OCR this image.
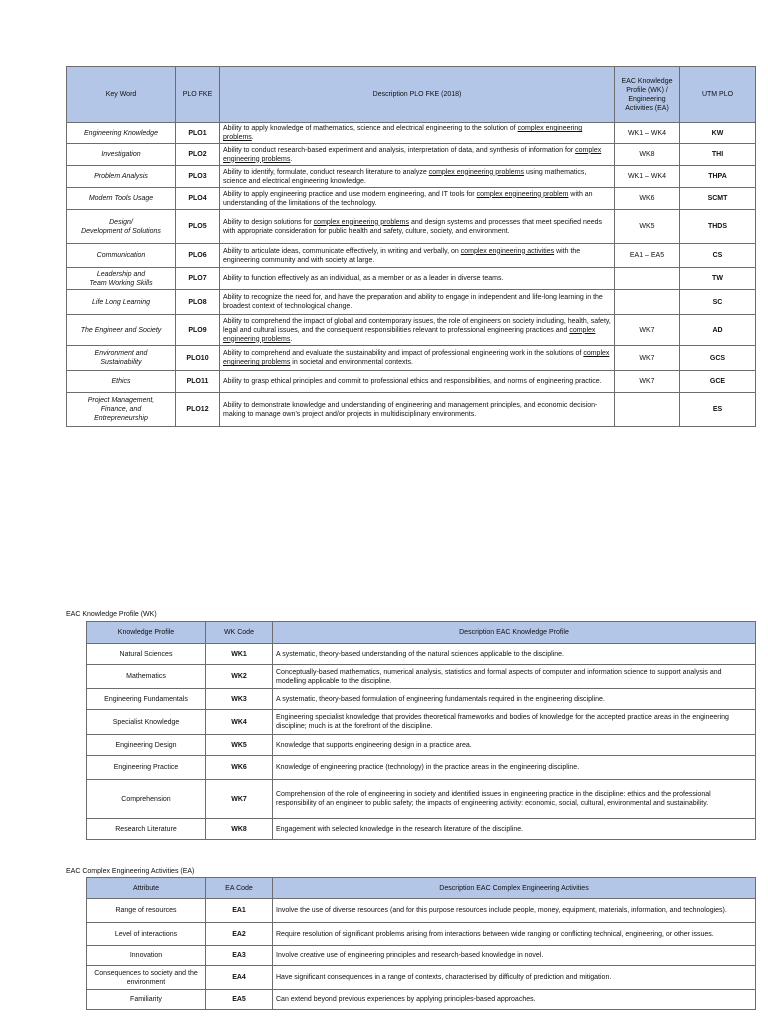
Key Word	PLO FKE	Description PLO FKE (2018)	EAC Knowledge Profile (WK) / Engineering Activities (EA)	UTM PLO
Engineering Knowledge	PLO1	Ability to apply knowledge of mathematics, science and electrical engineering to the solution of complex engineering problems.	WK1 – WK4	KW
Investigation	PLO2	Ability to conduct research-based experiment and analysis, interpretation of data, and synthesis of information for complex engineering problems.	WK8	THI
Problem Analysis	PLO3	Ability to identify, formulate, conduct research literature to analyze complex engineering problems using mathematics, science and electrical engineering knowledge.	WK1 – WK4	THPA
Modern Tools Usage	PLO4	Ability to apply engineering practice and use modern engineering, and IT tools for complex engineering problem with an understanding of the limitations of the technology.	WK6	SCMT
Design/
Development of Solutions	PLO5	Ability to design solutions for complex engineering problems and design systems and processes that meet specified needs with appropriate consideration for public health and safety, culture, society, and environment.	WK5	THDS
Communication	PLO6	Ability to articulate ideas, communicate effectively, in writing and verbally, on complex engineering activities with the engineering community and with society at large.	EA1 – EA5	CS
Leadership and
Team Working Skills	PLO7	Ability to function effectively as an individual, as a member or as a leader in diverse teams.		TW
Life Long Learning	PLO8	Ability to recognize the need for, and have the preparation and ability to engage in independent and life-long learning in the broadest context of technological change.		SC
The Engineer and Society	PLO9	Ability to comprehend the impact of global and contemporary issues, the role of engineers on society including, health, safety, legal and cultural issues, and the consequent responsibilities relevant to professional engineering practices and complex engineering problems.	WK7	AD
Environment and
Sustainability	PLO10	Ability to comprehend and evaluate the sustainability and impact of professional engineering work in the solutions of complex engineering problems in societal and environmental contexts.	WK7	GCS
Ethics	PLO11	Ability to grasp ethical principles and commit to professional ethics and responsibilities, and norms of engineering practice.	WK7	GCE
Project Management,
Finance, and
Entrepreneurship	PLO12	Ability to demonstrate knowledge and understanding of engineering and management principles, and economic decision-making to manage own’s project and/or projects in multidisciplinary environments.		ES
EAC Knowledge Profile (WK)
Knowledge Profile	WK Code	Description EAC Knowledge Profile
Natural Sciences	WK1	A systematic, theory-based understanding of the natural sciences applicable to the discipline.
Mathematics	WK2	Conceptually-based mathematics, numerical analysis, statistics and formal aspects of computer and information science to support analysis and modelling applicable to the discipline.
Engineering Fundamentals	WK3	A systematic, theory-based formulation of engineering fundamentals required in the engineering discipline.
Specialist Knowledge	WK4	Engineering specialist knowledge that provides theoretical frameworks and bodies of knowledge for the accepted practice areas in the engineering discipline; much is at the forefront of the discipline.
Engineering Design	WK5	Knowledge that supports engineering design in a practice area.
Engineering Practice	WK6	Knowledge of engineering practice (technology) in the practice areas in the engineering discipline.
Comprehension	WK7	Comprehension of the role of engineering in society and identified issues in engineering practice in the discipline: ethics and the professional responsibility of an engineer to public safety; the impacts of engineering activity: economic, social, cultural, environmental and sustainability.
Research Literature	WK8	Engagement with selected knowledge in the research literature of the discipline.
EAC Complex Engineering Activities (EA)
Attribute	EA Code	Description EAC Complex Engineering Activities
Range of resources	EA1	Involve the use of diverse resources (and for this purpose resources include people, money, equipment, materials, information, and technologies).
Level of interactions	EA2	Require resolution of significant problems arising from interactions between wide ranging or conflicting technical, engineering, or other issues.
Innovation	EA3	Involve creative use of engineering principles and research-based knowledge in novel.
Consequences to society and the environment	EA4	Have significant consequences in a range of contexts, characterised by difficulty of prediction and mitigation.
Familiarity	EA5	Can extend beyond previous experiences by applying principles-based approaches.
